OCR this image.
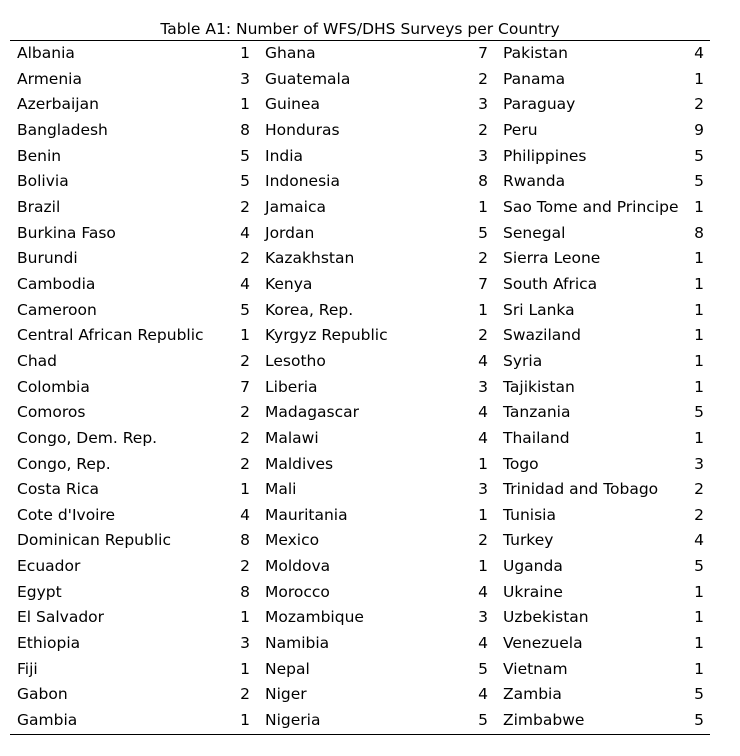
Table A1: Number of WFS/DHS Surveys per Country
Albania 1	Ghana 7	Pakistan 4

Armenia 3	Guatemala 2	Panama 1

Azerbaijan 1	Guinea 3	Paraguay 2

Bangladesh 8	Honduras 2	Peru 9

Benin 5	India 3	Philippines 5

Bolivia 5	Indonesia 8	Rwanda 5

Brazil 2	Jamaica 1	Sao Tome and Principe 1

Burkina Faso 4	Jordan 5	Senegal 8

Burundi 2	Kazakhstan 2	Sierra Leone 1

Cambodia 4	Kenya 7	South Africa 1

Cameroon 5	Korea, Rep. 1	Sri Lanka 1

Central African Republic 1	Kyrgyz Republic 2	Swaziland 1

Chad 2	Lesotho 4	Syria 1

Colombia 7	Liberia 3	Tajikistan 1

Comoros 2	Madagascar 4	Tanzania 5

Congo, Dem. Rep. 2	Malawi 4	Thailand 1

Congo, Rep. 2	Maldives 1	Togo 3

Costa Rica 1	Mali 3	Trinidad and Tobago 2

Cote d'Ivoire 4	Mauritania 1	Tunisia 2

Dominican Republic 8	Mexico 2	Turkey 4

Ecuador 2	Moldova 1	Uganda 5

Egypt 8	Morocco 4	Ukraine 1

El Salvador 1	Mozambique 3	Uzbekistan 1

Ethiopia 3	Namibia 4	Venezuela 1

Fiji 1	Nepal 5	Vietnam 1

Gabon 2	Niger 4	Zambia 5

Gambia 1	Nigeria 5	Zimbabwe 5
